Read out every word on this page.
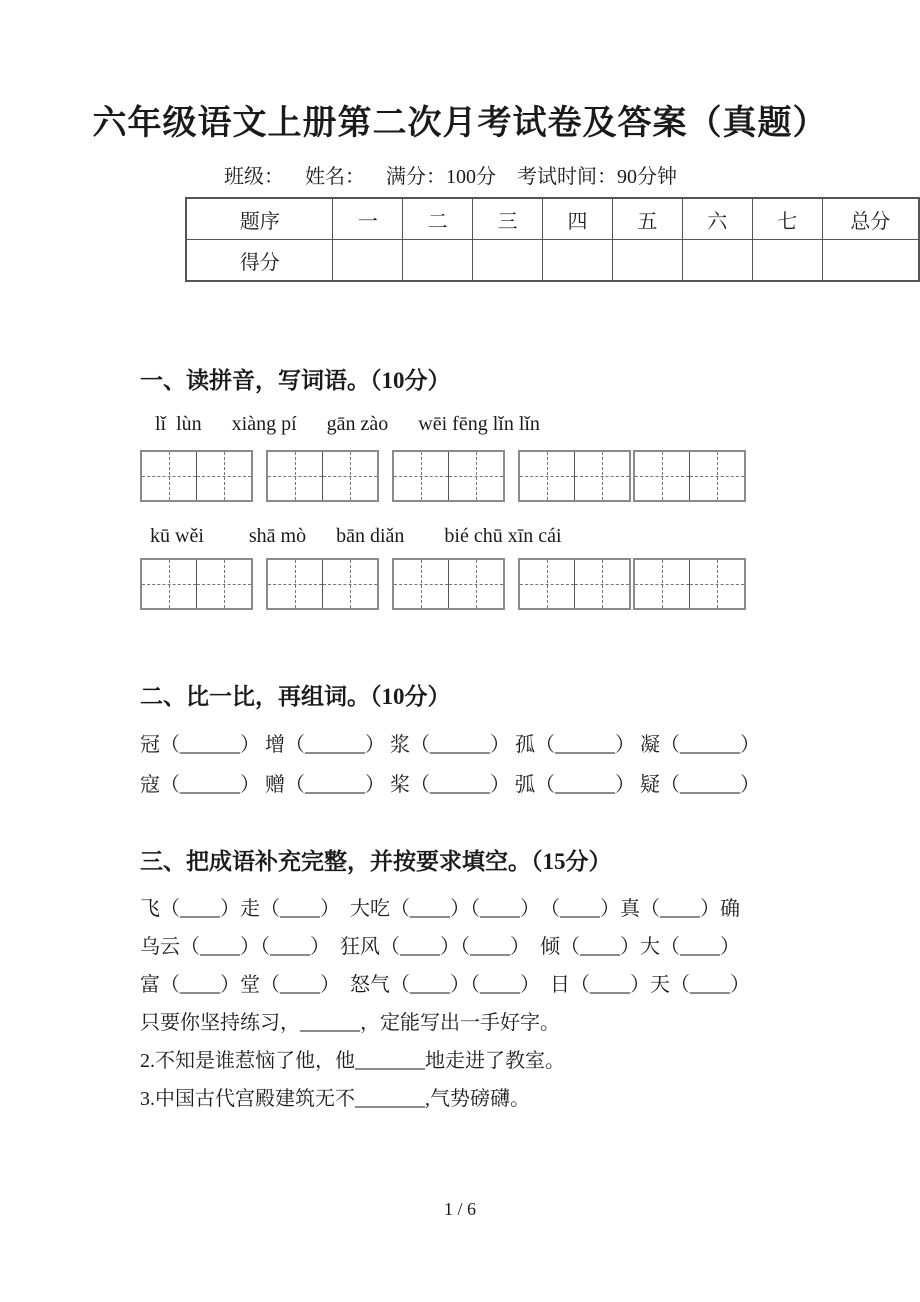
六年级语文上册第二次月考试卷及答案（真题）
班级： 姓名： 满分：100分 考试时间：90分钟
题序	一	二	三	四	五	六	七	总分
得分								
一、读拼音，写词语。（10分）
lǐ  lùn      xiàng pí      gān zào      wēi fēng lǐn lǐn
kū wěi         shā mò      bān diǎn        bié chū xīn cái
二、比一比，再组词。（10分）
冠（______） 增（______） 浆（______） 孤（______） 凝（______）
寇（______） 赠（______） 桨（______） 弧（______） 疑（______）
三、把成语补充完整，并按要求填空。（15分）
飞（____）走（____）　大吃（____）（____）　（____）真（____）确
乌云（____）（____）　狂风（____）（____）　倾（____）大（____）
富（____）堂（____）　怒气（____）（____）　日（____）天（____）
只要你坚持练习，______，定能写出一手好字。
2.不知是谁惹恼了他，他_______地走进了教室。
3.中国古代宫殿建筑无不_______,气势磅礴。
1 / 6
